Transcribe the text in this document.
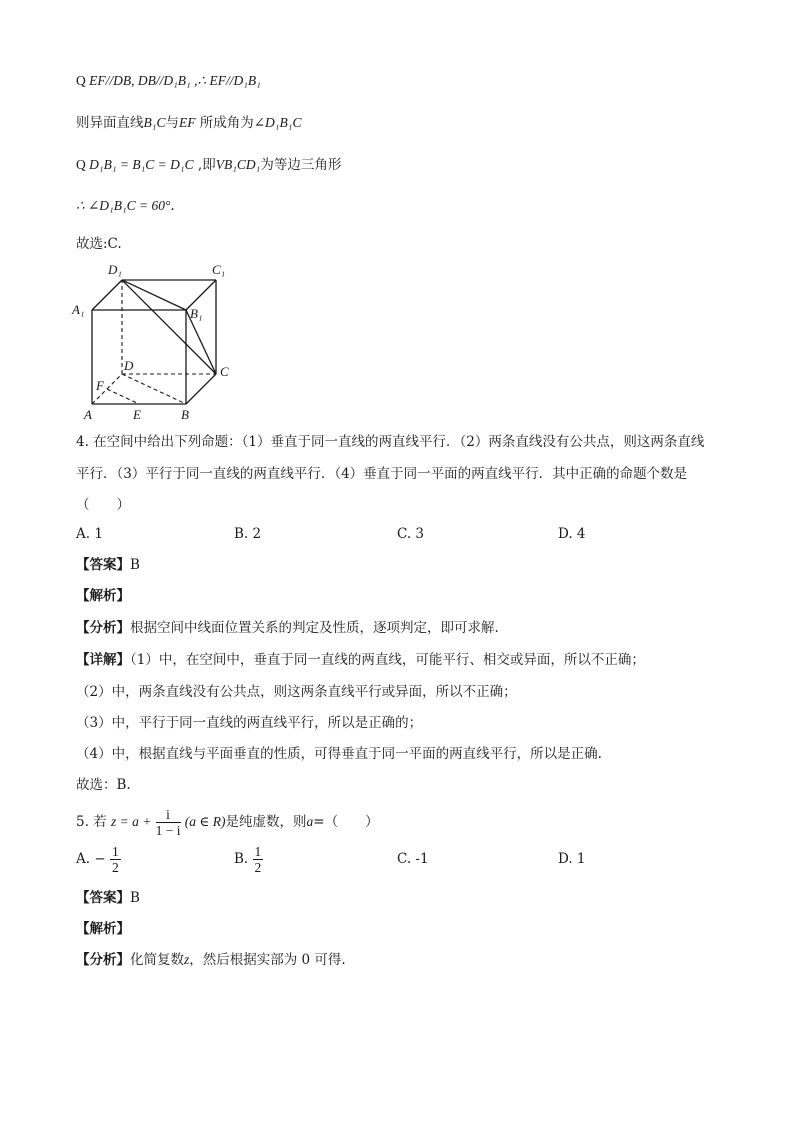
Q EF//DB, DB//D₁B₁ ,∴ EF//D₁B₁
则异面直线B₁C与EF 所成角为∠D₁B₁C
Q D₁B₁ = B₁C = D₁C ,即VB₁CD₁为等边三角形
∴ ∠D₁B₁C = 60°.
故选:C.
D₁	C₁
A₁	B₁
D	C
F
A	E	B
4. 在空间中给出下列命题：（1）垂直于同一直线的两直线平行．（2）两条直线没有公共点，则这两条直线
平行．（3）平行于同一直线的两直线平行．（4）垂直于同一平面的两直线平行．其中正确的命题个数是
（　　）
A. 1	B. 2	C. 3	D. 4
【答案】B
【解析】
【分析】根据空间中线面位置关系的判定及性质，逐项判定，即可求解.
【详解】（1）中，在空间中，垂直于同一直线的两直线，可能平行、相交或异面，所以不正确；
（2）中，两条直线没有公共点，则这两条直线平行或异面，所以不正确；
（3）中，平行于同一直线的两直线平行，所以是正确的；
（4）中，根据直线与平面垂直的性质，可得垂直于同一平面的两直线平行，所以是正确.
故选：B.
5. 若 $z = a + \frac{i}{1 - i} (a$ ∈ R)是纯虚数，则a=（　　）
A. − $\frac{1}{2}$	B. $\frac{1}{2}$	C. -1	D. 1
【答案】B
【解析】
【分析】化简复数z，然后根据实部为 0 可得.
